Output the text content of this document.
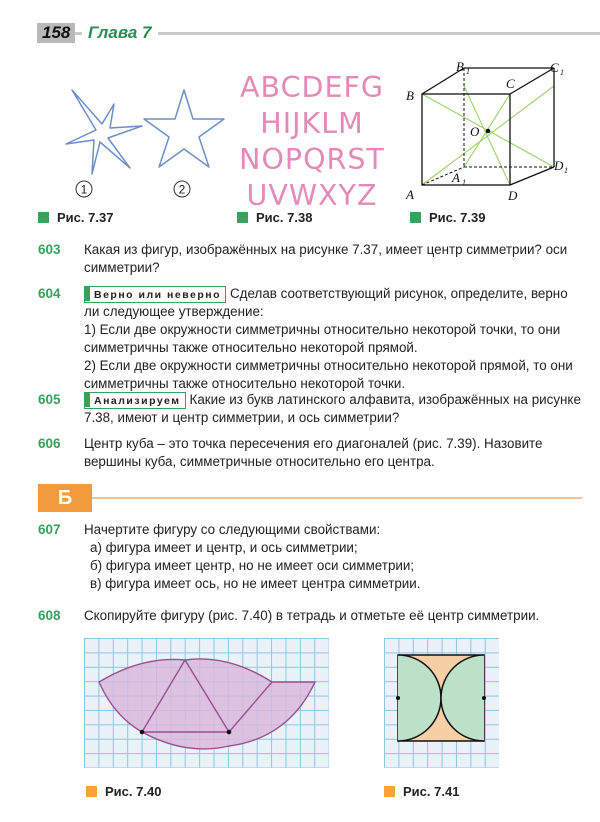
158	Глава 7
1	2
Рис. 7.37
ABCDEFG
HIJKLM
NOPQRST
UVWXYZ
Рис. 7.38
A
B
C
D
O
A 1
B 1	C 1
D 1
Рис. 7.39
603 Какая из фигур, изображённых на рисунке 7.37, имеет центр симметрии? оси симметрии?
604	Верно или неверно Сделав соответствующий рисунок, определите, верно ли следующее утверждение:
1) Если две окружности симметричны относительно некоторой точки, то они симметричны также относительно некоторой прямой.
2) Если две окружности симметричны относительно некоторой прямой, то они симметричны также относительно некоторой точки.
605	Анализируем Какие из букв латинского алфавита, изображённых на рисунке 7.38, имеют и центр симметрии, и ось симметрии?
606 Центр куба – это точка пересечения его диагоналей (рис. 7.39). Назовите вершины куба, симметричные относительно его центра.
Б
607 Начертите фигуру со следующими свойствами:
а) фигура имеет и центр, и ось симметрии;
б) фигура имеет центр, но не имеет оси симметрии;
в) фигура имеет ось, но не имеет центра симметрии.
608 Скопируйте фигуру (рис. 7.40) в тетрадь и отметьте её центр симметрии.
Рис. 7.40	Рис. 7.41
